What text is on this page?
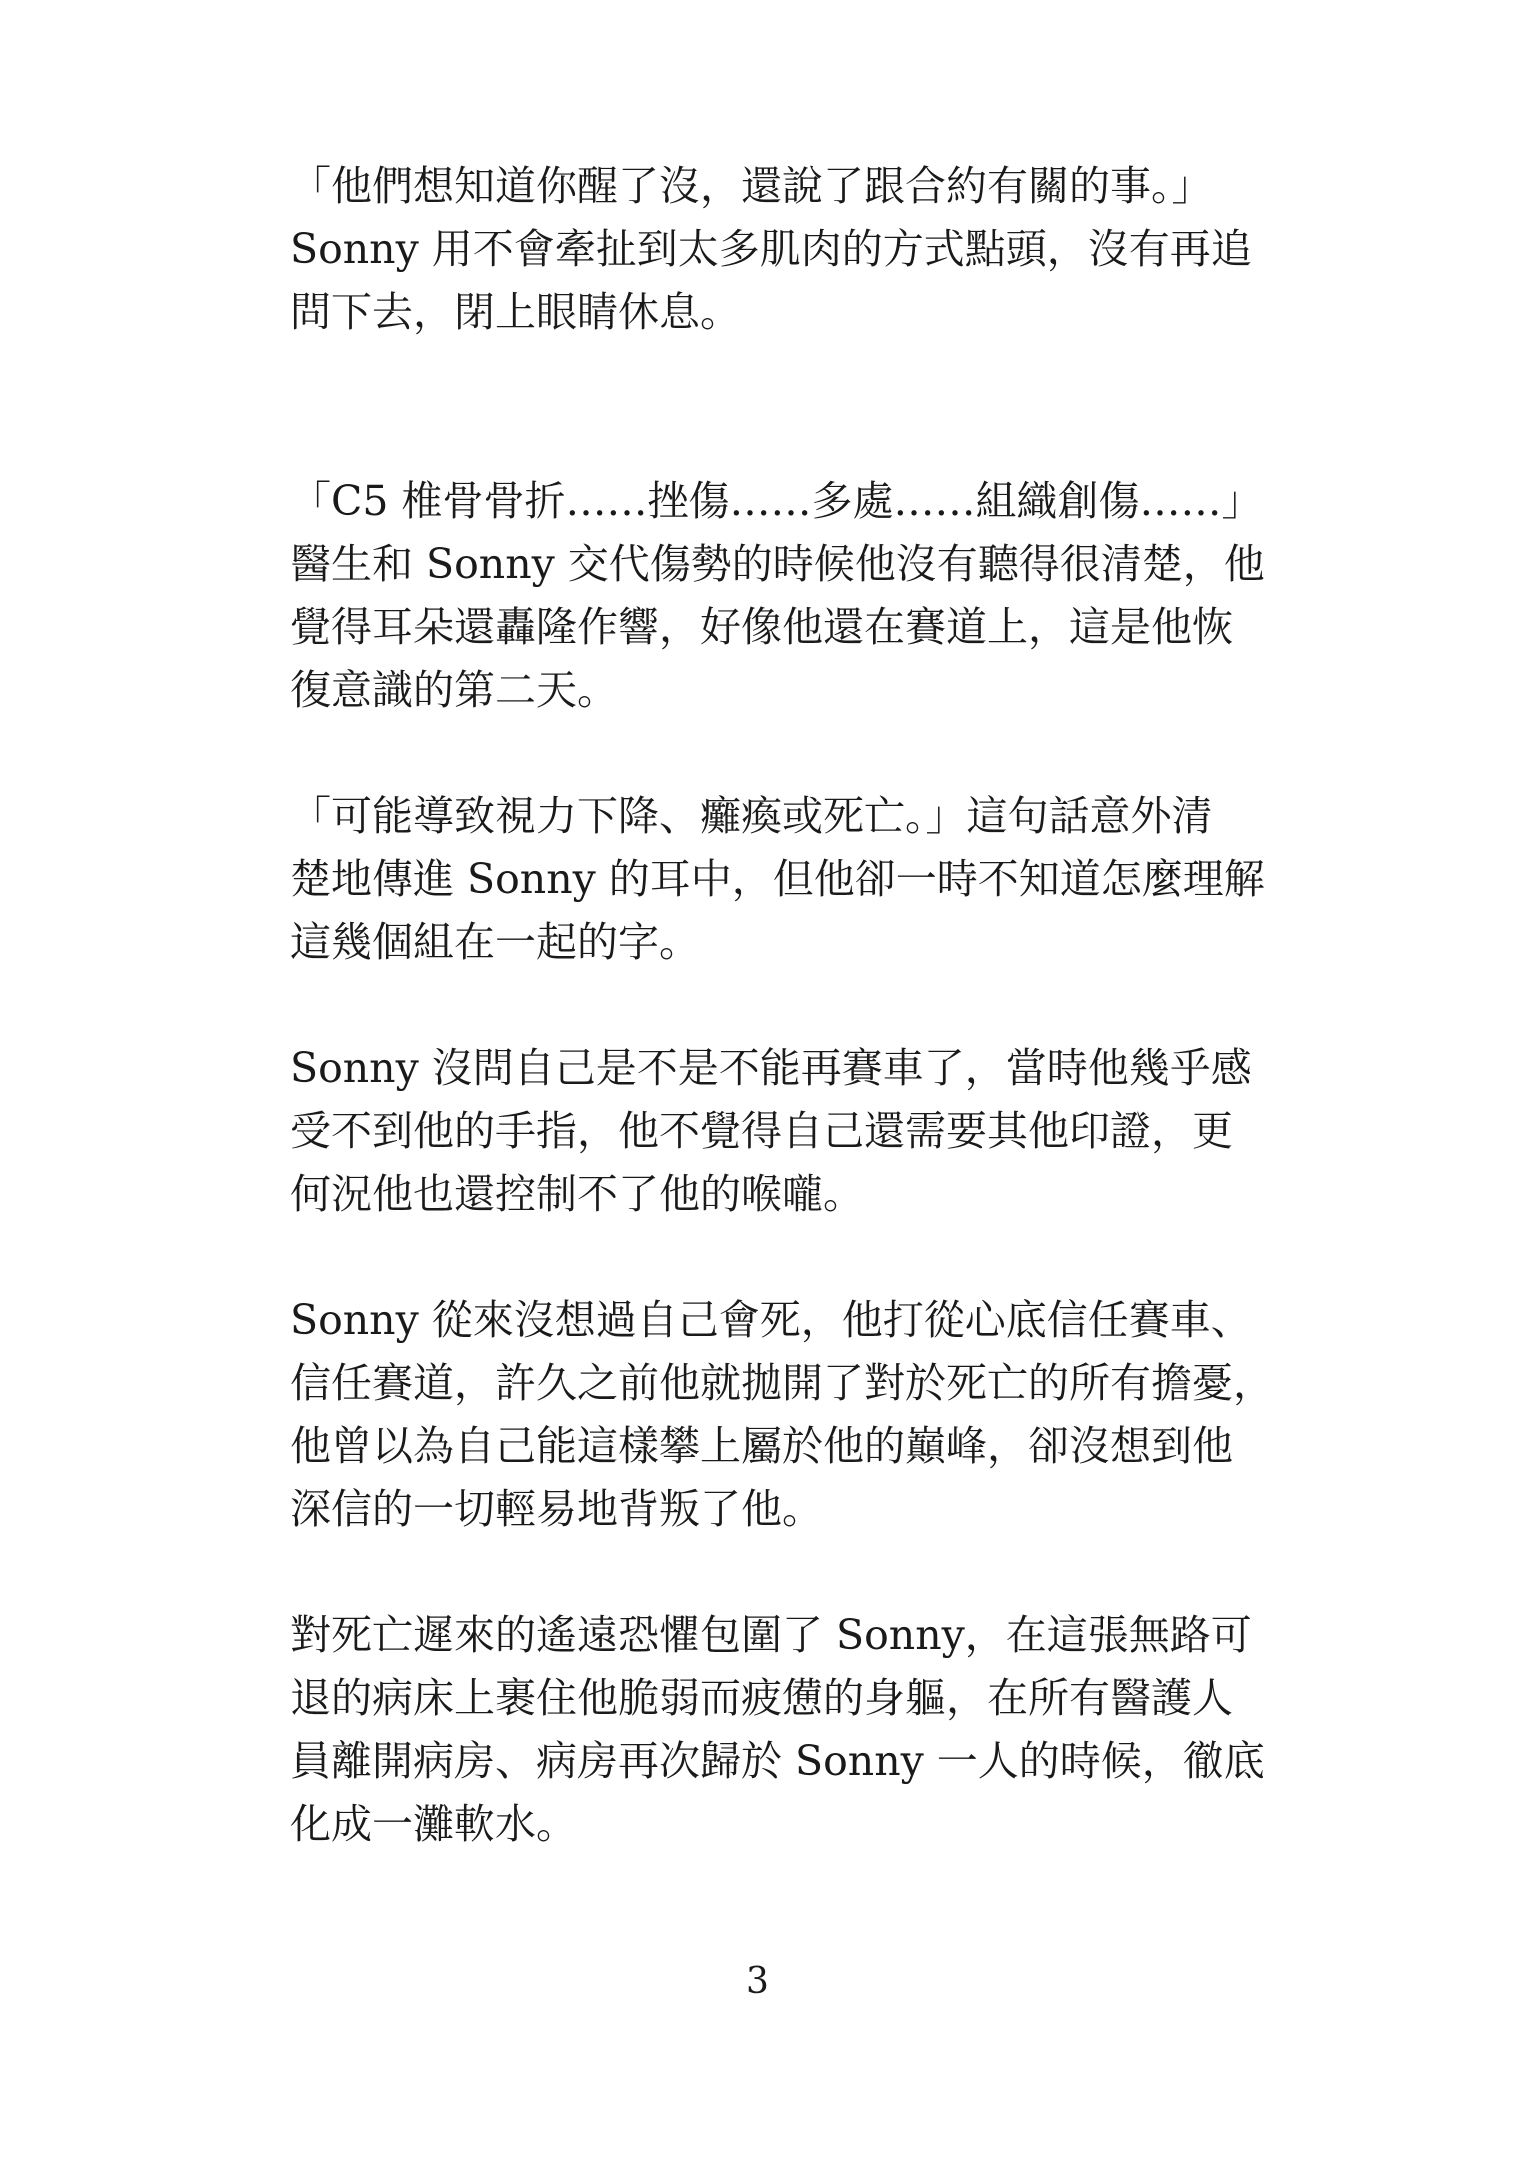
「他們想知道你醒了沒，還說了跟合約有關的事。」
Sonny 用不會牽扯到太多肌肉的方式點頭，沒有再追
問下去，閉上眼睛休息。

「C5 椎骨骨折……挫傷……多處……組織創傷……」
醫生和 Sonny 交代傷勢的時候他沒有聽得很清楚，他
覺得耳朵還轟隆作響，好像他還在賽道上，這是他恢
復意識的第二天。

「可能導致視力下降、癱瘓或死亡。」這句話意外清
楚地傳進 Sonny 的耳中，但他卻一時不知道怎麼理解
這幾個組在一起的字。

Sonny 沒問自己是不是不能再賽車了，當時他幾乎感
受不到他的手指，他不覺得自己還需要其他印證，更
何況他也還控制不了他的喉嚨。

Sonny 從來沒想過自己會死，他打從心底信任賽車、
信任賽道，許久之前他就拋開了對於死亡的所有擔憂，
他曾以為自己能這樣攀上屬於他的巔峰，卻沒想到他
深信的一切輕易地背叛了他。

對死亡遲來的遙遠恐懼包圍了 Sonny，在這張無路可
退的病床上裹住他脆弱而疲憊的身軀，在所有醫護人
員離開病房、病房再次歸於 Sonny 一人的時候，徹底
化成一灘軟水。

3
